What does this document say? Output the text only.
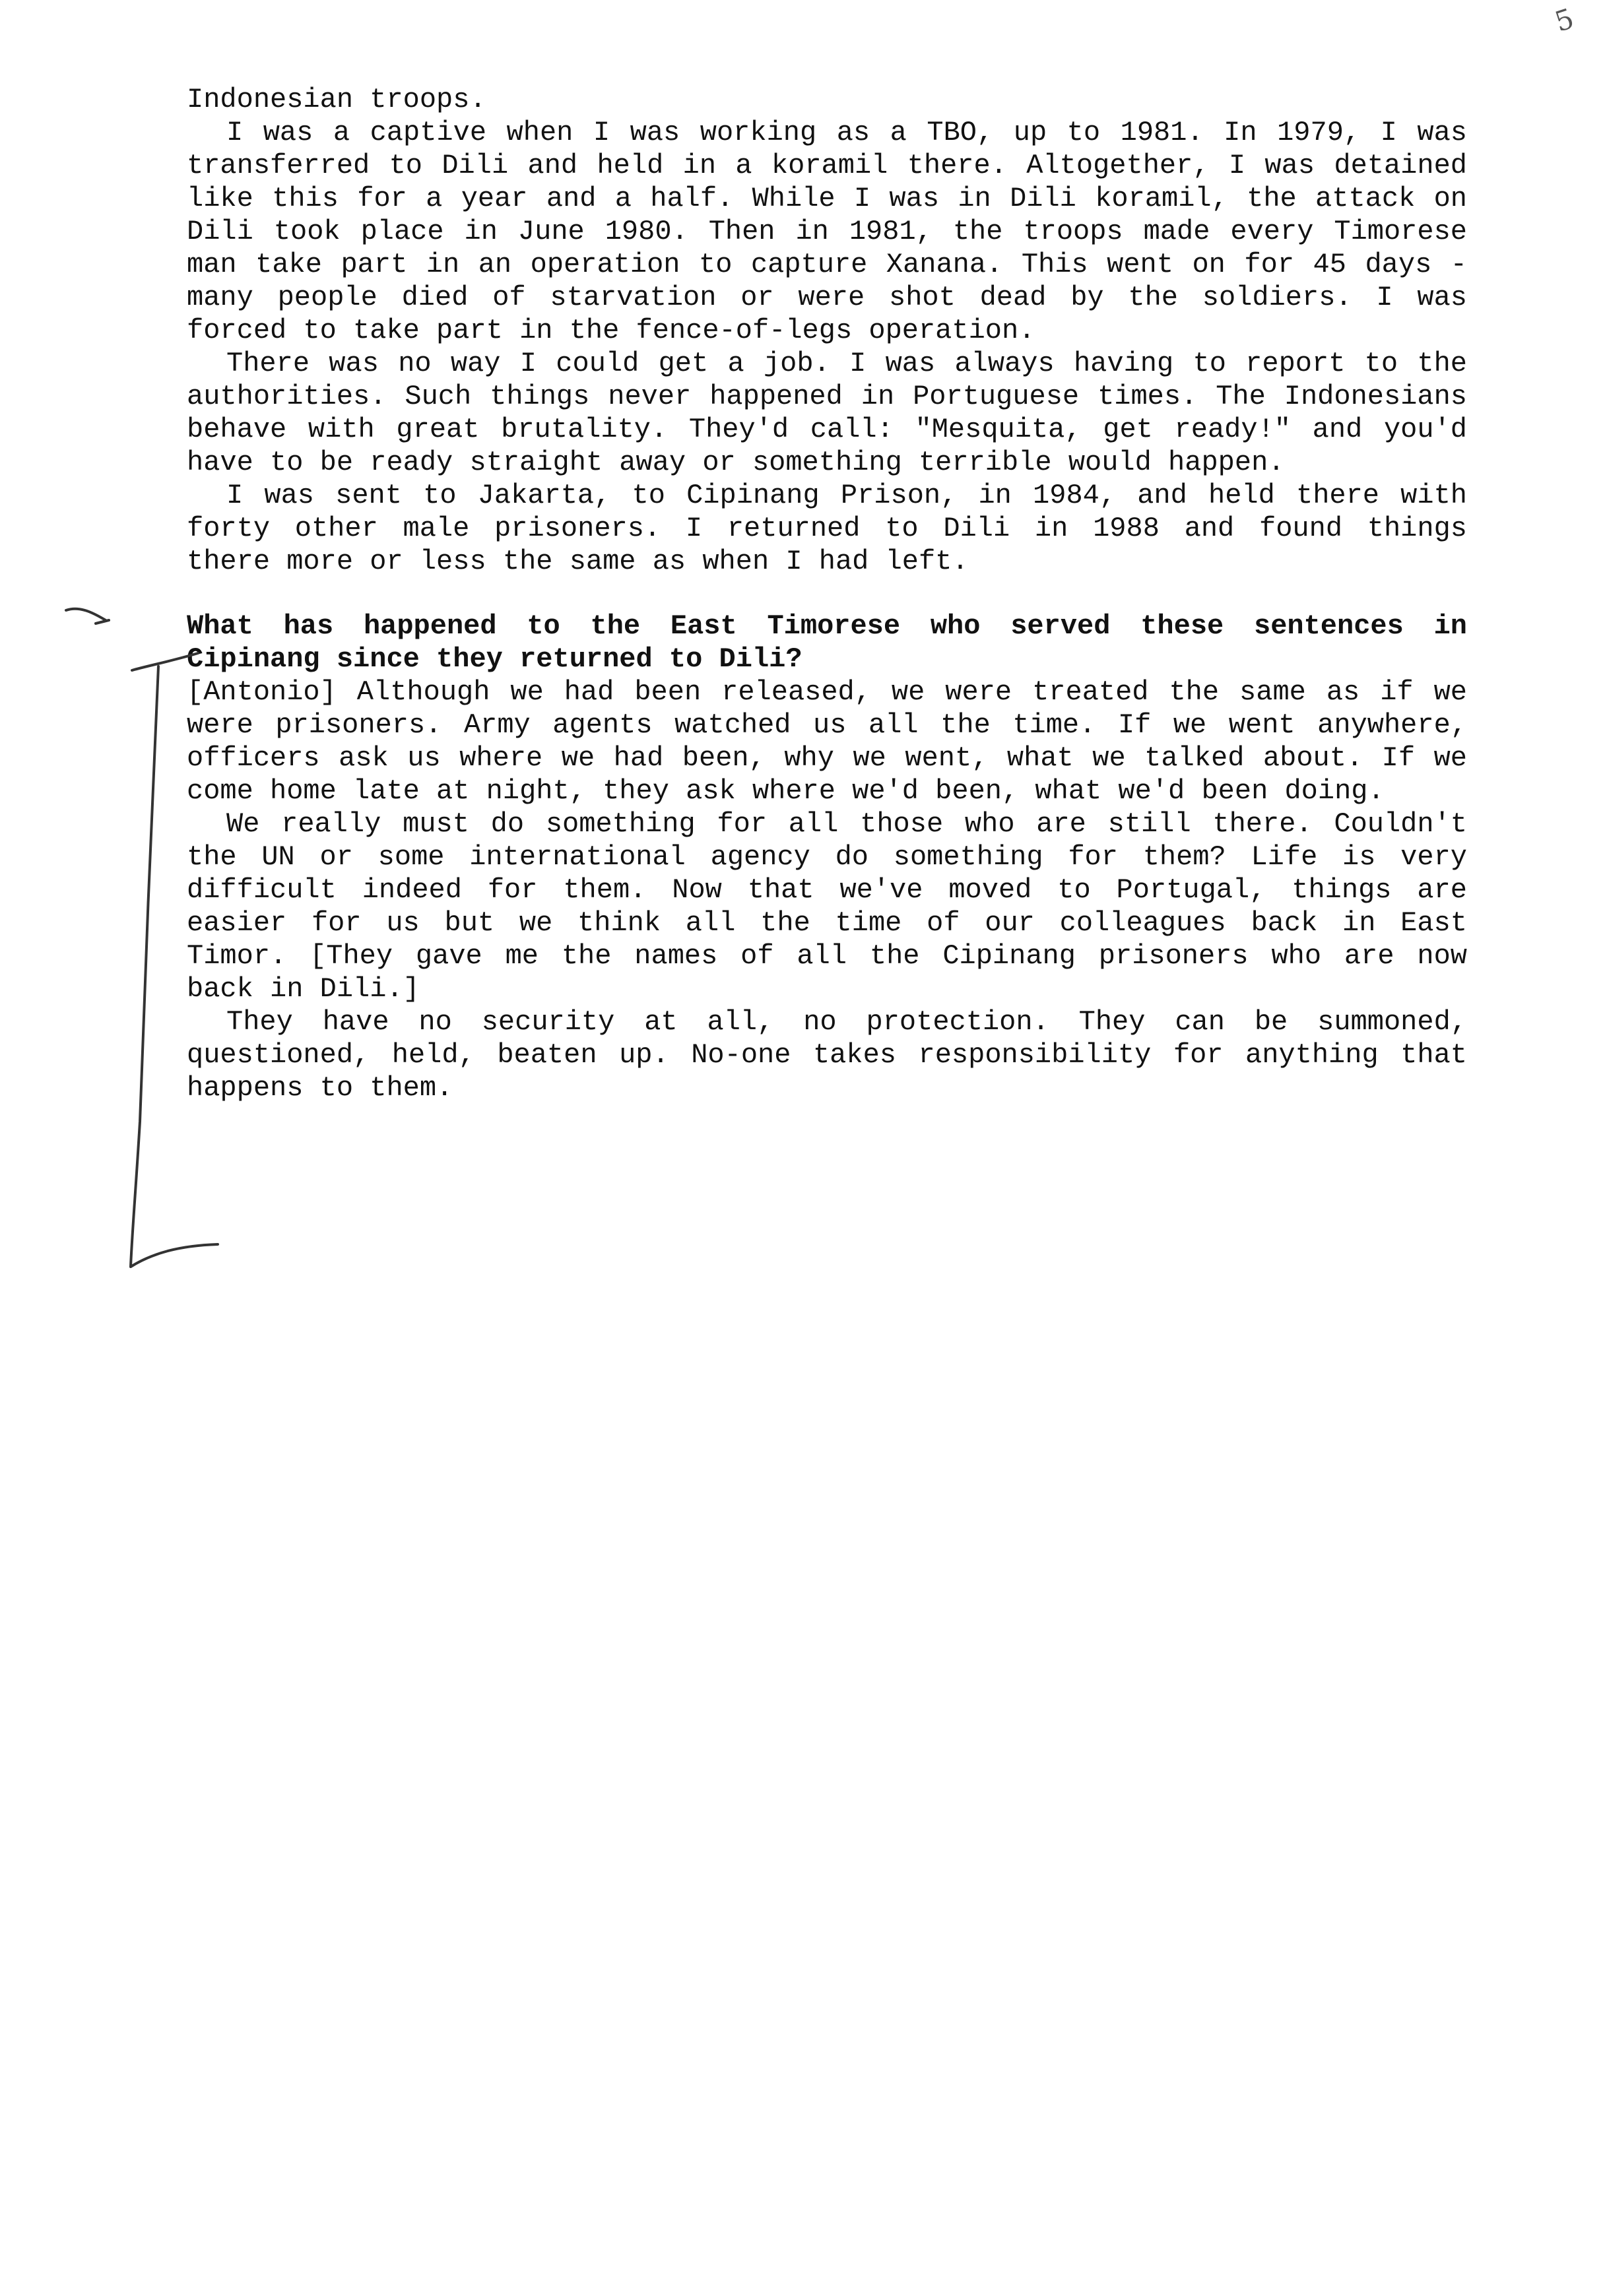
5

Indonesian troops.

I was a captive when I was working as a TBO, up to 1981. In 1979, I was transferred to Dili and held in a koramil there. Altogether, I was detained like this for a year and a half. While I was in Dili koramil, the attack on Dili took place in June 1980. Then in 1981, the troops made every Timorese man take part in an operation to capture Xanana. This went on for 45 days - many people died of starvation or were shot dead by the soldiers. I was forced to take part in the fence-of-legs operation.

There was no way I could get a job. I was always having to report to the authorities. Such things never happened in Portuguese times. The Indonesians behave with great brutality. They'd call: "Mesquita, get ready!" and you'd have to be ready straight away or something terrible would happen.

I was sent to Jakarta, to Cipinang Prison, in 1984, and held there with forty other male prisoners. I returned to Dili in 1988 and found things there more or less the same as when I had left.

What has happened to the East Timorese who served these sentences in Cipinang since they returned to Dili?

[Antonio] Although we had been released, we were treated the same as if we were prisoners. Army agents watched us all the time. If we went anywhere, officers ask us where we had been, why we went, what we talked about. If we come home late at night, they ask where we'd been, what we'd been doing.

We really must do something for all those who are still there. Couldn't the UN or some international agency do something for them? Life is very difficult indeed for them. Now that we've moved to Portugal, things are easier for us but we think all the time of our colleagues back in East Timor. [They gave me the names of all the Cipinang prisoners who are now back in Dili.]

They have no security at all, no protection. They can be summoned, questioned, held, beaten up. No-one takes responsibility for anything that happens to them.
